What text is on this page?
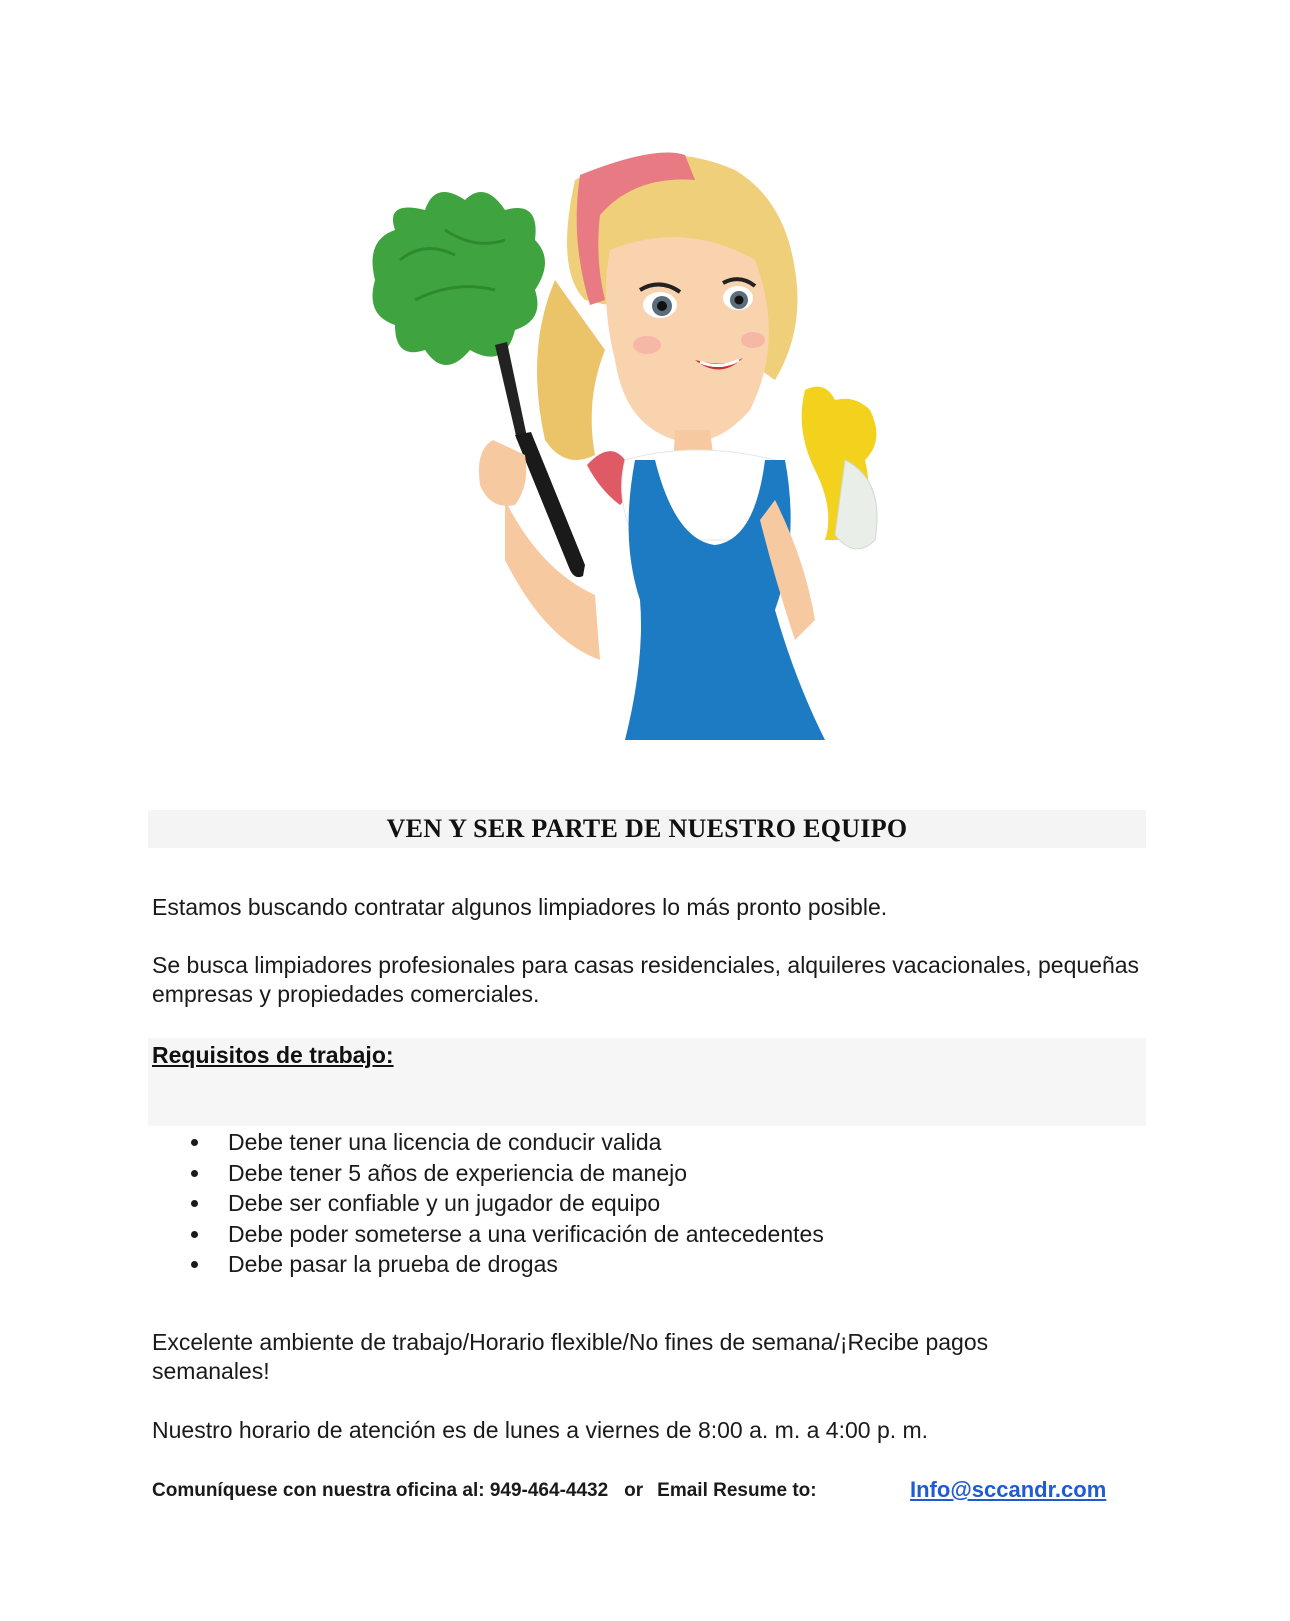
VEN Y SER PARTE DE NUESTRO EQUIPO
Estamos buscando contratar algunos limpiadores lo más pronto posible.
Se busca limpiadores profesionales para casas residenciales, alquileres vacacionales, pequeñas empresas y propiedades comerciales.
Requisitos de trabajo:
Debe tener una licencia de conducir valida
Debe tener 5 años de experiencia de manejo
Debe ser confiable y un jugador de equipo
Debe poder someterse a una verificación de antecedentes
Debe pasar la prueba de drogas
Excelente ambiente de trabajo/Horario flexible/No fines de semana/¡Recibe pagos semanales!
Nuestro horario de atención es de lunes a viernes de 8:00 a. m. a 4:00 p. m.
Comuníquese con nuestra oficina al: 949-464-4432 or Email Resume to:	Info@sccandr.com
